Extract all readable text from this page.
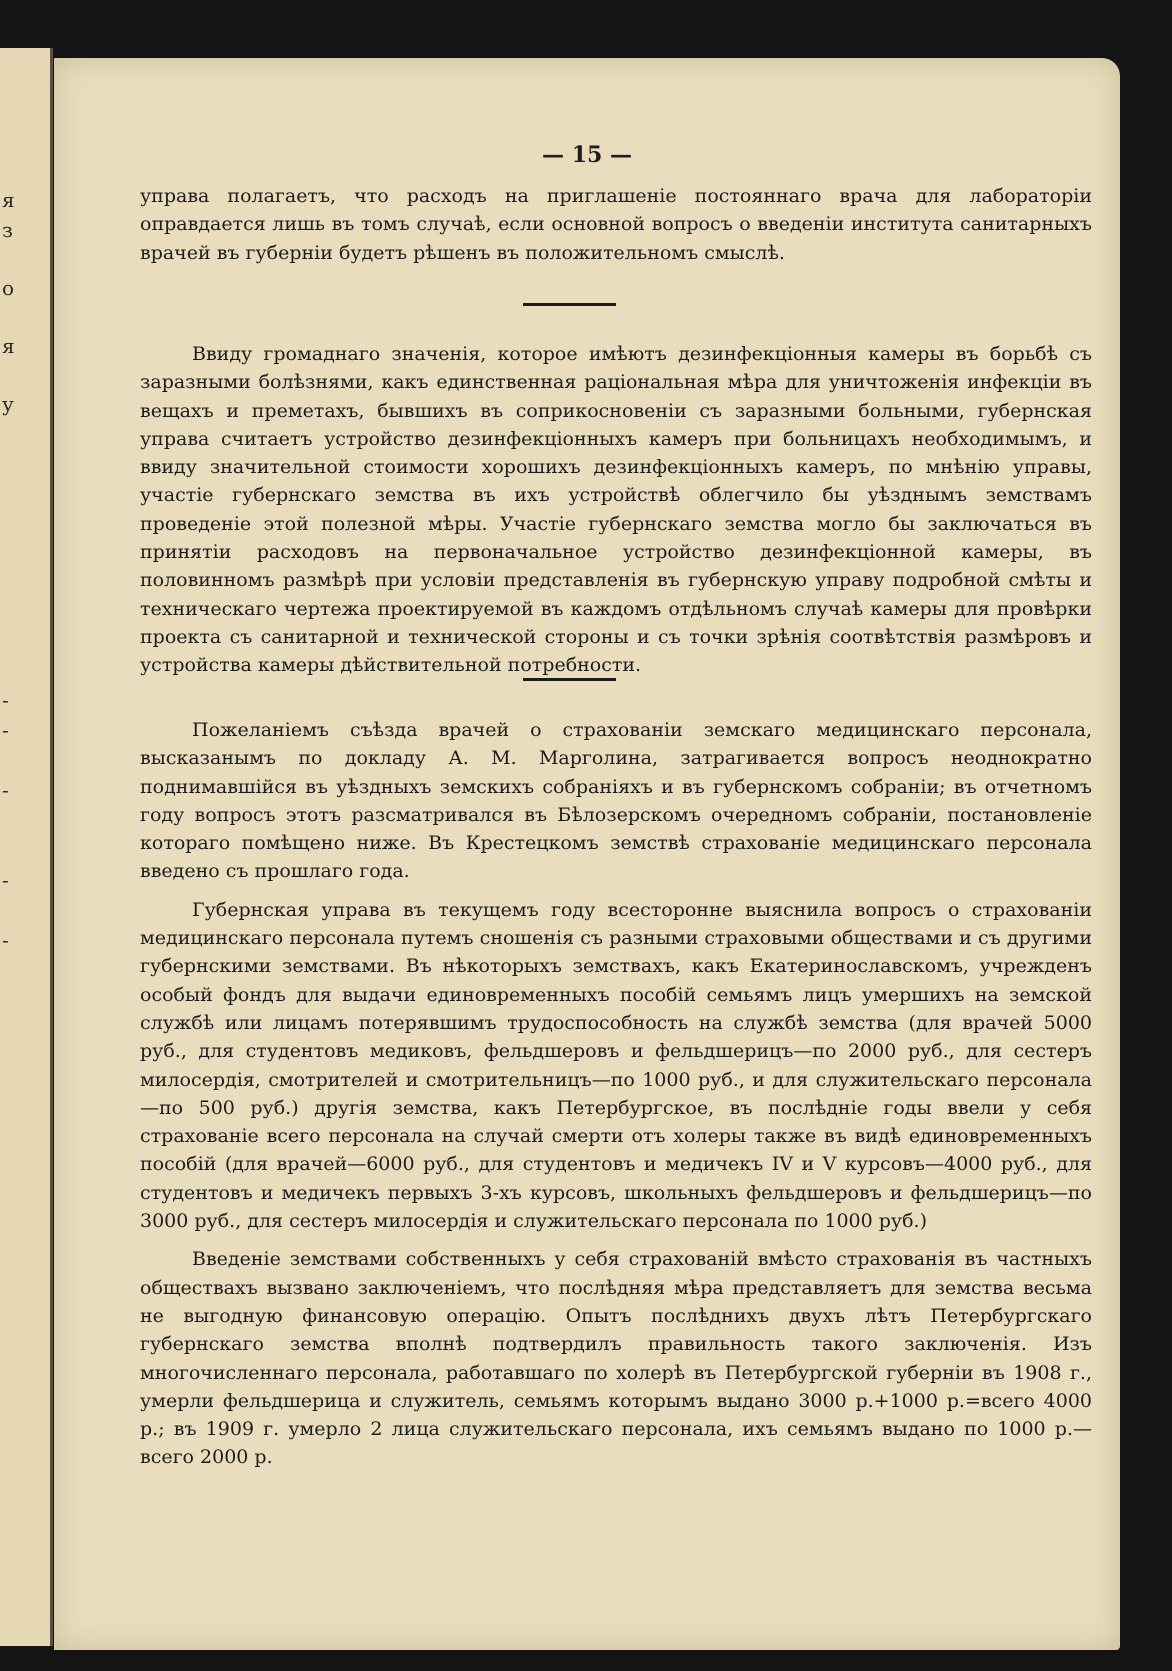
я
з
о
я
у
-
-
-
-
-
— 15 —

управа полагаетъ, что расходъ на приглашеніе постояннаго врача для лабораторіи оправдается лишь въ томъ случаѣ, если основной вопросъ о введеніи института санитарныхъ врачей въ губерніи будетъ рѣшенъ въ положительномъ смыслѣ.

Ввиду громаднаго значенія, которое имѣютъ дезинфекціонныя камеры въ борьбѣ съ заразными болѣзнями, какъ единственная раціональная мѣра для уничтоженія инфекціи въ вещахъ и преметахъ, бывшихъ въ соприкосновеніи съ заразными больными, губернская управа считаетъ устройство дезинфекціонныхъ камеръ при больницахъ необходимымъ, и ввиду значительной стоимости хорошихъ дезинфекціонныхъ камеръ, по мнѣнію управы, участіе губернскаго земства въ ихъ устройствѣ облегчило бы уѣзднымъ земствамъ проведеніе этой полезной мѣры. Участіе губернскаго земства могло бы заключаться въ принятіи расходовъ на первоначальное устройство дезинфекціонной камеры, въ половинномъ размѣрѣ при условіи представленія въ губернскую управу подробной смѣты и техническаго чертежа проектируемой въ каждомъ отдѣльномъ случаѣ камеры для провѣрки проекта съ санитарной и технической стороны и съ точки зрѣнія соотвѣтствія размѣровъ и устройства камеры дѣйствительной потребности.

Пожеланіемъ съѣзда врачей о страхованіи земскаго медицинскаго персонала, высказанымъ по докладу А. М. Марголина, затрагивается вопросъ неоднократно поднимавшійся въ уѣздныхъ земскихъ собраніяхъ и въ губернскомъ собраніи; въ отчетномъ году вопросъ этотъ разсматривался въ Бѣлозерскомъ очередномъ собраніи, постановленіе котораго помѣщено ниже. Въ Крестецкомъ земствѣ страхованіе медицинскаго персонала введено съ прошлаго года.

Губернская управа въ текущемъ году всесторонне выяснила вопросъ о страхованіи медицинскаго персонала путемъ сношенія съ разными страховыми обществами и съ другими губернскими земствами. Въ нѣкоторыхъ земствахъ, какъ Екатеринославскомъ, учрежденъ особый фондъ для выдачи единовременныхъ пособій семьямъ лицъ умершихъ на земской службѣ или лицамъ потерявшимъ трудоспособность на службѣ земства (для врачей 5000 руб., для студентовъ медиковъ, фельдшеровъ и фельдшерицъ—по 2000 руб., для сестеръ милосердія, смотрителей и смотрительницъ—по 1000 руб., и для служительскаго персонала—по 500 руб.) другія земства, какъ Петербургское, въ послѣдніе годы ввели у себя страхованіе всего персонала на случай смерти отъ холеры также въ видѣ единовременныхъ пособій (для врачей—6000 руб., для студентовъ и медичекъ IV и V курсовъ—4000 руб., для студентовъ и медичекъ первыхъ 3-хъ курсовъ, школьныхъ фельдшеровъ и фельдшерицъ—по 3000 руб., для сестеръ милосердія и служительскаго персонала по 1000 руб.)

Введеніе земствами собственныхъ у себя страхованій вмѣсто страхованія въ частныхъ обществахъ вызвано заключеніемъ, что послѣдняя мѣра представляетъ для земства весьма не выгодную финансовую операцію. Опытъ послѣднихъ двухъ лѣтъ Петербургскаго губернскаго земства вполнѣ подтвердилъ правильность такого заключенія. Изъ многочисленнаго персонала, работавшаго по холерѣ въ Петербургской губерніи въ 1908 г., умерли фельдшерица и служитель, семьямъ которымъ выдано 3000 р.+1000 р.=всего 4000 р.; въ 1909 г. умерло 2 лица служительскаго персонала, ихъ семьямъ выдано по 1000 р.—всего 2000 р.
